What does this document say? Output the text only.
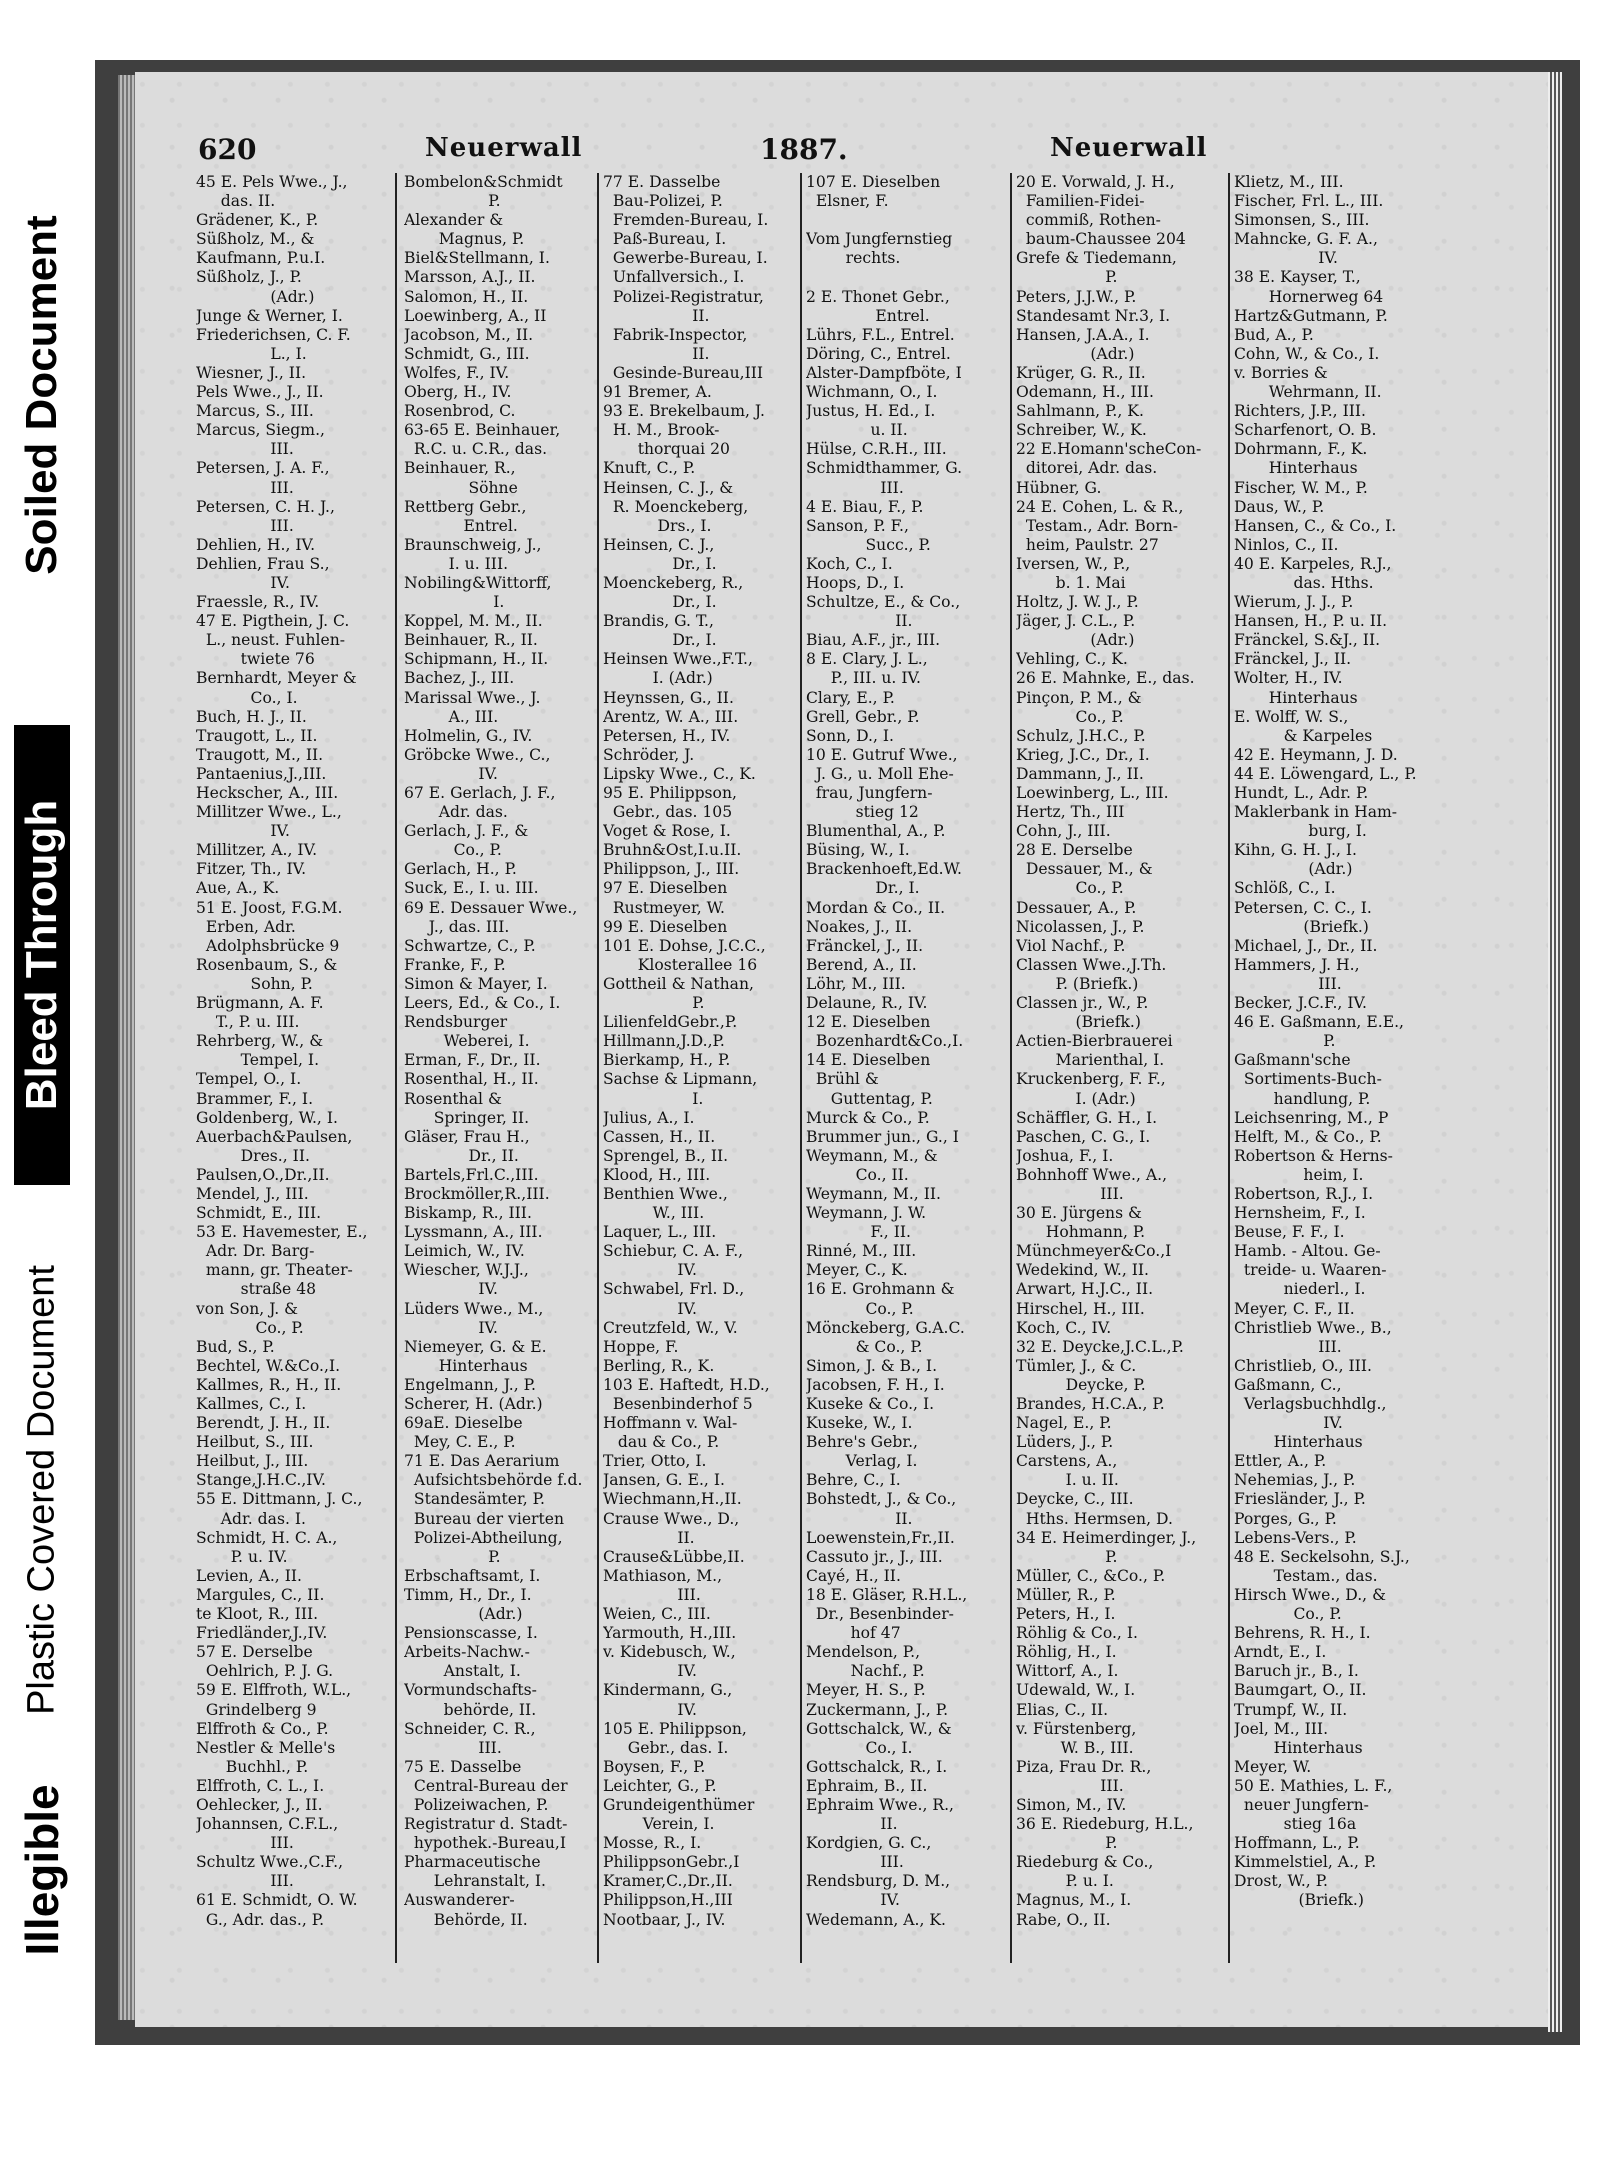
Illegible
Plastic Covered Document
Bleed Through
Soiled Document
620	Neuerwall	1887.	Neuerwall
45 E. Pels Wwe., J.,
das. II.
Grädener, K., P.
Süßholz, M., &
Kaufmann, P.u.I.
Süßholz, J., P.
(Adr.)
Junge & Werner, I.
Friederichsen, C. F.
L., I.
Wiesner, J., II.
Pels Wwe., J., II.
Marcus, S., III.
Marcus, Siegm.,
III.
Petersen, J. A. F.,
III.
Petersen, C. H. J.,
III.
Dehlien, H., IV.
Dehlien, Frau S.,
IV.
Fraessle, R., IV.
47 E. Pigthein, J. C.
L., neust. Fuhlen-
twiete 76
Bernhardt, Meyer &
Co., I.
Buch, H. J., II.
Traugott, L., II.
Traugott, M., II.
Pantaenius,J.,III.
Heckscher, A., III.
Millitzer Wwe., L.,
IV.
Millitzer, A., IV.
Fitzer, Th., IV.
Aue, A., K.
51 E. Joost, F.G.M.
Erben, Adr.
Adolphsbrücke 9
Rosenbaum, S., &
Sohn, P.
Brügmann, A. F.
T., P. u. III.
Rehrberg, W., &
Tempel, I.
Tempel, O., I.
Brammer, F., I.
Goldenberg, W., I.
Auerbach&Paulsen,
Dres., II.
Paulsen,O.,Dr.,II.
Mendel, J., III.
Schmidt, E., III.
53 E. Havemester, E.,
Adr. Dr. Barg-
mann, gr. Theater-
straße 48
von Son, J. &
Co., P.
Bud, S., P.
Bechtel, W.&Co.,I.
Kallmes, R., H., II.
Kallmes, C., I.
Berendt, J. H., II.
Heilbut, S., III.
Heilbut, J., III.
Stange,J.H.C.,IV.
55 E. Dittmann, J. C.,
Adr. das. I.
Schmidt, H. C. A.,
P. u. IV.
Levien, A., II.
Margules, C., II.
te Kloot, R., III.
Friedländer,J.,IV.
57 E. Derselbe
Oehlrich, P. J. G.
59 E. Elffroth, W.L.,
Grindelberg 9
Elffroth & Co., P.
Nestler & Melle's
Buchhl., P.
Elffroth, C. L., I.
Oehlecker, J., II.
Johannsen, C.F.L.,
III.
Schultz Wwe.,C.F.,
III.
61 E. Schmidt, O. W.
G., Adr. das., P.
Bombelon&Schmidt
P.
Alexander &
Magnus, P.
Biel&Stellmann, I.
Marsson, A.J., II.
Salomon, H., II.
Loewinberg, A., II
Jacobson, M., II.
Schmidt, G., III.
Wolfes, F., IV.
Oberg, H., IV.
Rosenbrod, C.
63-65 E. Beinhauer,
R.C. u. C.R., das.
Beinhauer, R.,
Söhne
Rettberg Gebr.,
Entrel.
Braunschweig, J.,
I. u. III.
Nobiling&Wittorff,
I.
Koppel, M. M., II.
Beinhauer, R., II.
Schipmann, H., II.
Bachez, J., III.
Marissal Wwe., J.
A., III.
Holmelin, G., IV.
Gröbcke Wwe., C.,
IV.
67 E. Gerlach, J. F.,
Adr. das.
Gerlach, J. F., &
Co., P.
Gerlach, H., P.
Suck, E., I. u. III.
69 E. Dessauer Wwe.,
J., das. III.
Schwartze, C., P.
Franke, F., P.
Simon & Mayer, I.
Leers, Ed., & Co., I.
Rendsburger
Weberei, I.
Erman, F., Dr., II.
Rosenthal, H., II.
Rosenthal &
Springer, II.
Gläser, Frau H.,
Dr., II.
Bartels,Frl.C.,III.
Brockmöller,R.,III.
Biskamp, R., III.
Lyssmann, A., III.
Leimich, W., IV.
Wiescher, W.J.J.,
IV.
Lüders Wwe., M.,
IV.
Niemeyer, G. & E.
Hinterhaus
Engelmann, J., P.
Scherer, H. (Adr.)
69aE. Dieselbe
Mey, C. E., P.
71 E. Das Aerarium
Aufsichtsbehörde f.d.
Standesämter, P.
Bureau der vierten
Polizei-Abtheilung,
P.
Erbschaftsamt, I.
Timm, H., Dr., I.
(Adr.)
Pensionscasse, I.
Arbeits-Nachw.-
Anstalt, I.
Vormundschafts-
behörde, II.
Schneider, C. R.,
III.
75 E. Dasselbe
Central-Bureau der
Polizeiwachen, P.
Registratur d. Stadt-
hypothek.-Bureau,I
Pharmaceutische
Lehranstalt, I.
Auswanderer-
Behörde, II.
77 E. Dasselbe
Bau-Polizei, P.
Fremden-Bureau, I.
Paß-Bureau, I.
Gewerbe-Bureau, I.
Unfallversich., I.
Polizei-Registratur,
II.
Fabrik-Inspector,
II.
Gesinde-Bureau,III
91 Bremer, A.
93 E. Brekelbaum, J.
H. M., Brook-
thorquai 20
Knuft, C., P.
Heinsen, C. J., &
R. Moenckeberg,
Drs., I.
Heinsen, C. J.,
Dr., I.
Moenckeberg, R.,
Dr., I.
Brandis, G. T.,
Dr., I.
Heinsen Wwe.,F.T.,
I. (Adr.)
Heynssen, G., II.
Arentz, W. A., III.
Petersen, H., IV.
Schröder, J.
Lipsky Wwe., C., K.
95 E. Philippson,
Gebr., das. 105
Voget & Rose, I.
Bruhn&Ost,I.u.II.
Philippson, J., III.
97 E. Dieselben
Rustmeyer, W.
99 E. Dieselben
101 E. Dohse, J.C.C.,
Klosterallee 16
Gottheil & Nathan,
P.
LilienfeldGebr.,P.
Hillmann,J.D.,P.
Bierkamp, H., P.
Sachse & Lipmann,
I.
Julius, A., I.
Cassen, H., II.
Sprengel, B., II.
Klood, H., III.
Benthien Wwe.,
W., III.
Laquer, L., III.
Schiebur, C. A. F.,
IV.
Schwabel, Frl. D.,
IV.
Creutzfeld, W., V.
Hoppe, F.
Berling, R., K.
103 E. Haftedt, H.D.,
Besenbinderhof 5
Hoffmann v. Wal-
dau & Co., P.
Trier, Otto, I.
Jansen, G. E., I.
Wiechmann,H.,II.
Crause Wwe., D.,
II.
Crause&Lübbe,II.
Mathiason, M.,
III.
Weien, C., III.
Yarmouth, H.,III.
v. Kidebusch, W.,
IV.
Kindermann, G.,
IV.
105 E. Philippson,
Gebr., das. I.
Boysen, F., P.
Leichter, G., P.
Grundeigenthümer
Verein, I.
Mosse, R., I.
PhilippsonGebr.,I
Kramer,C.,Dr.,II.
Philippson,H.,III
Nootbaar, J., IV.
107 E. Dieselben
Elsner, F.
Vom Jungfernstieg
rechts.
2 E. Thonet Gebr.,
Entrel.
Lührs, F.L., Entrel.
Döring, C., Entrel.
Alster-Dampfböte, I
Wichmann, O., I.
Justus, H. Ed., I.
u. II.
Hülse, C.R.H., III.
Schmidthammer, G.
III.
4 E. Biau, F., P.
Sanson, P. F.,
Succ., P.
Koch, C., I.
Hoops, D., I.
Schultze, E., & Co.,
II.
Biau, A.F., jr., III.
8 E. Clary, J. L.,
P., III. u. IV.
Clary, E., P.
Grell, Gebr., P.
Sonn, D., I.
10 E. Gutruf Wwe.,
J. G., u. Moll Ehe-
frau, Jungfern-
stieg 12
Blumenthal, A., P.
Büsing, W., I.
Brackenhoeft,Ed.W.
Dr., I.
Mordan & Co., II.
Noakes, J., II.
Fränckel, J., II.
Berend, A., II.
Löhr, M., III.
Delaune, R., IV.
12 E. Dieselben
Bozenhardt&Co.,I.
14 E. Dieselben
Brühl &
Guttentag, P.
Murck & Co., P.
Brummer jun., G., I
Weymann, M., &
Co., II.
Weymann, M., II.
Weymann, J. W.
F., II.
Rinné, M., III.
Meyer, C., K.
16 E. Grohmann &
Co., P.
Mönckeberg, G.A.C.
& Co., P.
Simon, J. & B., I.
Jacobsen, F. H., I.
Kuseke & Co., I.
Kuseke, W., I.
Behre's Gebr.,
Verlag, I.
Behre, C., I.
Bohstedt, J., & Co.,
II.
Loewenstein,Fr.,II.
Cassuto jr., J., III.
Cayé, H., II.
18 E. Gläser, R.H.L.,
Dr., Besenbinder-
hof 47
Mendelson, P.,
Nachf., P.
Meyer, H. S., P.
Zuckermann, J., P.
Gottschalck, W., &
Co., I.
Gottschalck, R., I.
Ephraim, B., II.
Ephraim Wwe., R.,
II.
Kordgien, G. C.,
III.
Rendsburg, D. M.,
IV.
Wedemann, A., K.
20 E. Vorwald, J. H.,
Familien-Fidei-
commiß, Rothen-
baum-Chaussee 204
Grefe & Tiedemann,
P.
Peters, J.J.W., P.
Standesamt Nr.3, I.
Hansen, J.A.A., I.
(Adr.)
Krüger, G. R., II.
Odemann, H., III.
Sahlmann, P., K.
Schreiber, W., K.
22 E.Homann'scheCon-
ditorei, Adr. das.
Hübner, G.
24 E. Cohen, L. & R.,
Testam., Adr. Born-
heim, Paulstr. 27
Iversen, W., P.,
b. 1. Mai
Holtz, J. W. J., P.
Jäger, J. C.L., P.
(Adr.)
Vehling, C., K.
26 E. Mahnke, E., das.
Pinçon, P. M., &
Co., P.
Schulz, J.H.C., P.
Krieg, J.C., Dr., I.
Dammann, J., II.
Loewinberg, L., III.
Hertz, Th., III
Cohn, J., III.
28 E. Derselbe
Dessauer, M., &
Co., P.
Dessauer, A., P.
Nicolassen, J., P.
Viol Nachf., P.
Classen Wwe.,J.Th.
P. (Briefk.)
Classen jr., W., P.
(Briefk.)
Actien-Bierbrauerei
Marienthal, I.
Kruckenberg, F. F.,
I. (Adr.)
Schäffler, G. H., I.
Paschen, C. G., I.
Joshua, F., I.
Bohnhoff Wwe., A.,
III.
30 E. Jürgens &
Hohmann, P.
Münchmeyer&Co.,I
Wedekind, W., II.
Arwart, H.J.C., II.
Hirschel, H., III.
Koch, C., IV.
32 E. Deycke,J.C.L.,P.
Tümler, J., & C.
Deycke, P.
Brandes, H.C.A., P.
Nagel, E., P.
Lüders, J., P.
Carstens, A.,
I. u. II.
Deycke, C., III.
Hths. Hermsen, D.
34 E. Heimerdinger, J.,
P.
Müller, C., &Co., P.
Müller, R., P.
Peters, H., I.
Röhlig & Co., I.
Röhlig, H., I.
Wittorf, A., I.
Udewald, W., I.
Elias, C., II.
v. Fürstenberg,
W. B., III.
Piza, Frau Dr. R.,
III.
Simon, M., IV.
36 E. Riedeburg, H.L.,
P.
Riedeburg & Co.,
P. u. I.
Magnus, M., I.
Rabe, O., II.
Klietz, M., III.
Fischer, Frl. L., III.
Simonsen, S., III.
Mahncke, G. F. A.,
IV.
38 E. Kayser, T.,
Hornerweg 64
Hartz&Gutmann, P.
Bud, A., P.
Cohn, W., & Co., I.
v. Borries &
Wehrmann, II.
Richters, J.P., III.
Scharfenort, O. B.
Dohrmann, F., K.
Hinterhaus
Fischer, W. M., P.
Daus, W., P.
Hansen, C., & Co., I.
Ninlos, C., II.
40 E. Karpeles, R.J.,
das. Hths.
Wierum, J. J., P.
Hansen, H., P. u. II.
Fränckel, S.&J., II.
Fränckel, J., II.
Wolter, H., IV.
Hinterhaus
E. Wolff, W. S.,
& Karpeles
42 E. Heymann, J. D.
44 E. Löwengard, L., P.
Hundt, L., Adr. P.
Maklerbank in Ham-
burg, I.
Kihn, G. H. J., I.
(Adr.)
Schlöß, C., I.
Petersen, C. C., I.
(Briefk.)
Michael, J., Dr., II.
Hammers, J. H.,
III.
Becker, J.C.F., IV.
46 E. Gaßmann, E.E.,
P.
Gaßmann'sche
Sortiments-Buch-
handlung, P.
Leichsenring, M., P
Helft, M., & Co., P.
Robertson & Herns-
heim, I.
Robertson, R.J., I.
Hernsheim, F., I.
Beuse, F. F., I.
Hamb. - Altou. Ge-
treide- u. Waaren-
niederl., I.
Meyer, C. F., II.
Christlieb Wwe., B.,
III.
Christlieb, O., III.
Gaßmann, C.,
Verlagsbuchhdlg.,
IV.
Hinterhaus
Ettler, A., P.
Nehemias, J., P.
Friesländer, J., P.
Porges, G., P.
Lebens-Vers., P.
48 E. Seckelsohn, S.J.,
Testam., das.
Hirsch Wwe., D., &
Co., P.
Behrens, R. H., I.
Arndt, E., I.
Baruch jr., B., I.
Baumgart, O., II.
Trumpf, W., II.
Joel, M., III.
Hinterhaus
Meyer, W.
50 E. Mathies, L. F.,
neuer Jungfern-
stieg 16a
Hoffmann, L., P.
Kimmelstiel, A., P.
Drost, W., P.
(Briefk.)
